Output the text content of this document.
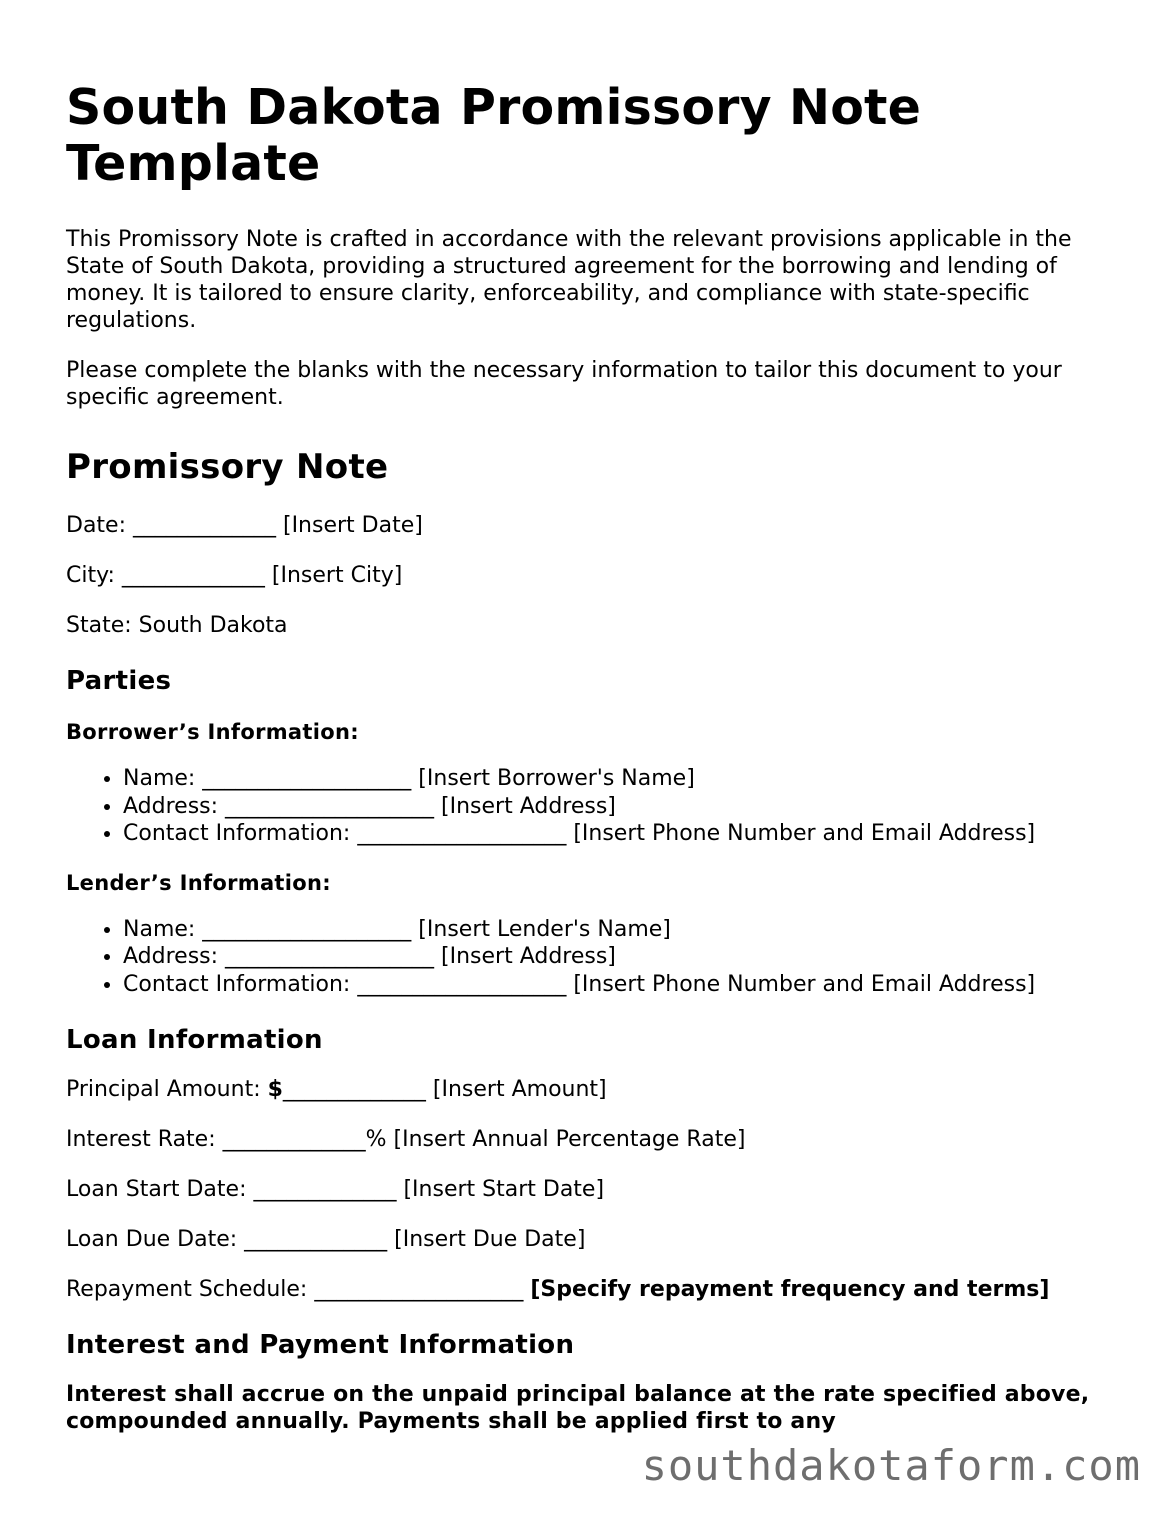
South Dakota Promissory Note Template

This Promissory Note is crafted in accordance with the relevant provisions applicable in the State of South Dakota, providing a structured agreement for the borrowing and lending of money. It is tailored to ensure clarity, enforceability, and compliance with state-specific regulations.

Please complete the blanks with the necessary information to tailor this document to your specific agreement.

Promissory Note
Date: _____________ [Insert Date]
City: _____________ [Insert City]
State: South Dakota
Parties
Borrower’s Information:
• Name: ___________________ [Insert Borrower's Name]
• Address: ___________________ [Insert Address]
• Contact Information: ___________________ [Insert Phone Number and Email Address]
Lender’s Information:
• Name: ___________________ [Insert Lender's Name]
• Address: ___________________ [Insert Address]
• Contact Information: ___________________ [Insert Phone Number and Email Address]
Loan Information
Principal Amount: $_____________ [Insert Amount]
Interest Rate: _____________% [Insert Annual Percentage Rate]
Loan Start Date: _____________ [Insert Start Date]
Loan Due Date: _____________ [Insert Due Date]
Repayment Schedule: ___________________ [Specify repayment frequency and terms]
Interest and Payment Information

Interest shall accrue on the unpaid principal balance at the rate specified above, compounded annually. Payments shall be applied first to any

southdakotaform.com
